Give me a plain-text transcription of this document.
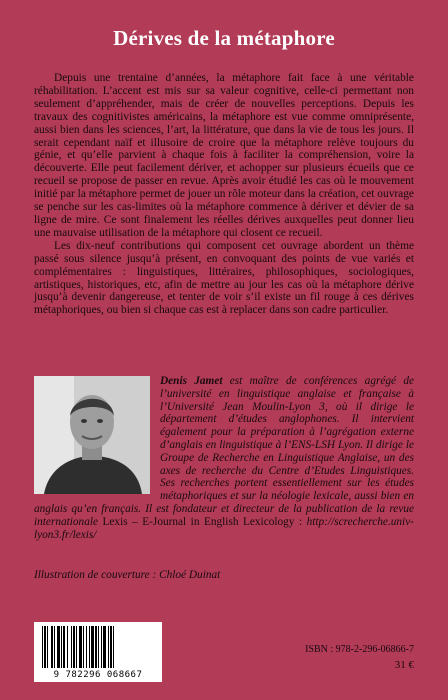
Dérives de la métaphore

Depuis une trentaine d’années, la métaphore fait face à une véritable réhabilitation. L’accent est mis sur sa valeur cognitive, celle-ci permettant non seulement d’appréhender, mais de créer de nouvelles perceptions. Depuis les travaux des cognitivistes américains, la métaphore est vue comme omniprésente, aussi bien dans les sciences, l’art, la littérature, que dans la vie de tous les jours. Il serait cependant naïf et illusoire de croire que la métaphore relève toujours du génie, et qu’elle parvient à chaque fois à faciliter la compréhension, voire la découverte. Elle peut facilement dériver, et achopper sur plusieurs écueils que ce recueil se propose de passer en revue. Après avoir étudié les cas où le mouvement initié par la métaphore permet de jouer un rôle moteur dans la création, cet ouvrage se penche sur les cas-limites où la métaphore commence à dériver et dévier de sa ligne de mire. Ce sont finalement les réelles dérives auxquelles peut donner lieu une mauvaise utilisation de la métaphore qui closent ce recueil.

Les dix-neuf contributions qui composent cet ouvrage abordent un thème passé sous silence jusqu’à présent, en convoquant des points de vue variés et complémentaires : linguistiques, littéraires, philosophiques, sociologiques, artistiques, historiques, etc, afin de mettre au jour les cas où la métaphore dérive jusqu’à devenir dangereuse, et tenter de voir s’il existe un fil rouge à ces dérives métaphoriques, ou bien si chaque cas est à replacer dans son cadre particulier.

Denis Jamet est maître de conférences agrégé de l’université en linguistique anglaise et française à l’Université Jean Moulin-Lyon 3, où il dirige le département d’études anglophones. Il intervient également pour la préparation à l’agrégation externe d’anglais en linguistique à l’ENS-LSH Lyon. Il dirige le Groupe de Recherche en Linguistique Anglaise, un des axes de recherche du Centre d’Etudes Linguistiques. Ses recherches portent essentiellement sur les études métaphoriques et sur la néologie lexicale, aussi bien en anglais qu’en français. Il est fondateur et directeur de la publication de la revue internationale Lexis – E-Journal in English Lexicology : http://screcherche.univ-lyon3.fr/lexis/
Illustration de couverture : Chloé Duinat
9 782296 068667
ISBN : 978-2-296-06866-7
31 €
